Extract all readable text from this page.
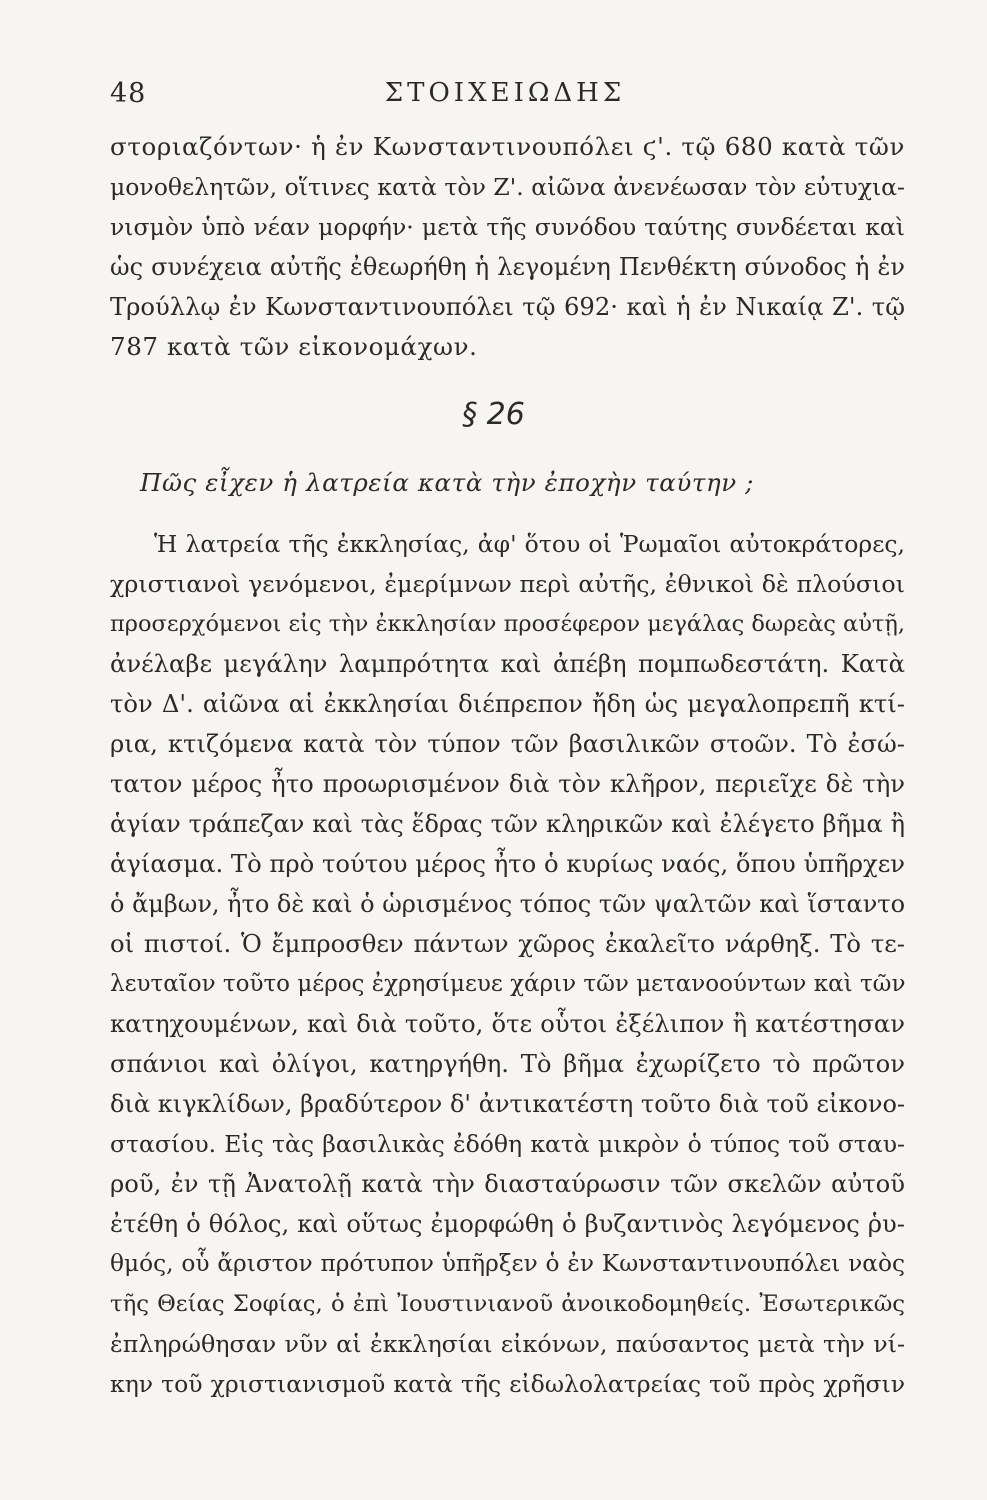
48	ΣΤΟΙΧΕΙΩΔΗΣ
στοριαζόντων· ἡ ἐν Κωνσταντινουπόλει ϛ'. τῷ 680 κατὰ τῶν
μονοθελητῶν, οἵτινες κατὰ τὸν Ζ'. αἰῶνα ἀνενέωσαν τὸν εὐτυχια-
νισμὸν ὑπὸ νέαν μορφήν· μετὰ τῆς συνόδου ταύτης συνδέεται καὶ
ὡς συνέχεια αὐτῆς ἐθεωρήθη ἡ λεγομένη Πενθέκτη σύνοδος ἡ ἐν
Τρούλλῳ ἐν Κωνσταντινουπόλει τῷ 692· καὶ ἡ ἐν Νικαίᾳ Ζ'. τῷ
787 κατὰ τῶν εἰκονομάχων.
§ 26
Πῶς εἶχεν ἡ λατρεία κατὰ τὴν ἐποχὴν ταύτην ;
Ἡ λατρεία τῆς ἐκκλησίας, ἀφ' ὅτου οἱ Ῥωμαῖοι αὐτοκράτορες,
χριστιανοὶ γενόμενοι, ἐμερίμνων περὶ αὐτῆς, ἐθνικοὶ δὲ πλούσιοι
προσερχόμενοι εἰς τὴν ἐκκλησίαν προσέφερον μεγάλας δωρεὰς αὐτῇ,
ἀνέλαβε μεγάλην λαμπρότητα καὶ ἀπέβη πομπωδεστάτη. Κατὰ
τὸν Δ'. αἰῶνα αἱ ἐκκλησίαι διέπρεπον ἤδη ὡς μεγαλοπρεπῆ κτί-
ρια, κτιζόμενα κατὰ τὸν τύπον τῶν βασιλικῶν στοῶν. Τὸ ἐσώ-
τατον μέρος ἦτο προωρισμένον διὰ τὸν κλῆρον, περιεῖχε δὲ τὴν
ἁγίαν τράπεζαν καὶ τὰς ἕδρας τῶν κληρικῶν καὶ ἐλέγετο βῆμα ἢ
ἁγίασμα. Τὸ πρὸ τούτου μέρος ἦτο ὁ κυρίως ναός, ὅπου ὑπῆρχεν
ὁ ἄμβων, ἦτο δὲ καὶ ὁ ὡρισμένος τόπος τῶν ψαλτῶν καὶ ἵσταντο
οἱ πιστοί. Ὁ ἔμπροσθεν πάντων χῶρος ἐκαλεῖτο νάρθηξ. Τὸ τε-
λευταῖον τοῦτο μέρος ἐχρησίμευε χάριν τῶν μετανοούντων καὶ τῶν
κατηχουμένων, καὶ διὰ τοῦτο, ὅτε οὗτοι ἐξέλιπον ἢ κατέστησαν
σπάνιοι καὶ ὀλίγοι, κατηργήθη. Τὸ βῆμα ἐχωρίζετο τὸ πρῶτον
διὰ κιγκλίδων, βραδύτερον δ' ἀντικατέστη τοῦτο διὰ τοῦ εἰκονο-
στασίου. Εἰς τὰς βασιλικὰς ἐδόθη κατὰ μικρὸν ὁ τύπος τοῦ σταυ-
ροῦ, ἐν τῇ Ἀνατολῇ κατὰ τὴν διασταύρωσιν τῶν σκελῶν αὐτοῦ
ἐτέθη ὁ θόλος, καὶ οὕτως ἐμορφώθη ὁ βυζαντινὸς λεγόμενος ῥυ-
θμός, οὗ ἄριστον πρότυπον ὑπῆρξεν ὁ ἐν Κωνσταντινουπόλει ναὸς
τῆς Θείας Σοφίας, ὁ ἐπὶ Ἰουστινιανοῦ ἀνοικοδομηθείς. Ἐσωτερικῶς
ἐπληρώθησαν νῦν αἱ ἐκκλησίαι εἰκόνων, παύσαντος μετὰ τὴν νί-
κην τοῦ χριστιανισμοῦ κατὰ τῆς εἰδωλολατρείας τοῦ πρὸς χρῆσιν
